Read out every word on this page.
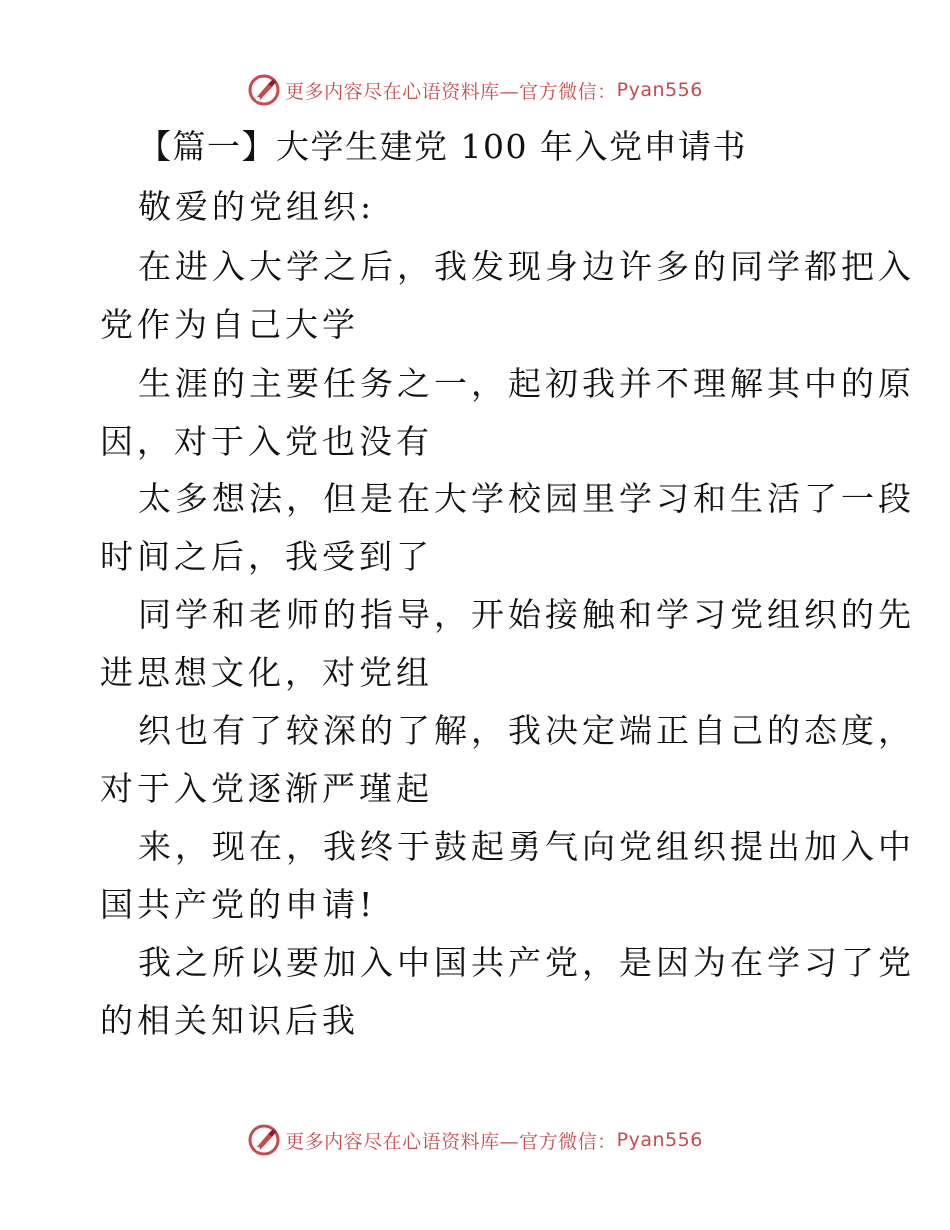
更多内容尽在心语资料库—官方微信： Pyan556
【篇一】大学生建党 100 年入党申请书
敬爱的党组织:
在进入大学之后，我发现身边许多的同学都把入
党作为自己大学
生涯的主要任务之一，起初我并不理解其中的原
因，对于入党也没有
太多想法，但是在大学校园里学习和生活了一段
时间之后，我受到了
同学和老师的指导，开始接触和学习党组织的先
进思想文化，对党组
织也有了较深的了解，我决定端正自己的态度，
对于入党逐渐严瑾起
来，现在，我终于鼓起勇气向党组织提出加入中
国共产党的申请!
我之所以要加入中国共产党，是因为在学习了党
的相关知识后我
更多内容尽在心语资料库—官方微信： Pyan556
